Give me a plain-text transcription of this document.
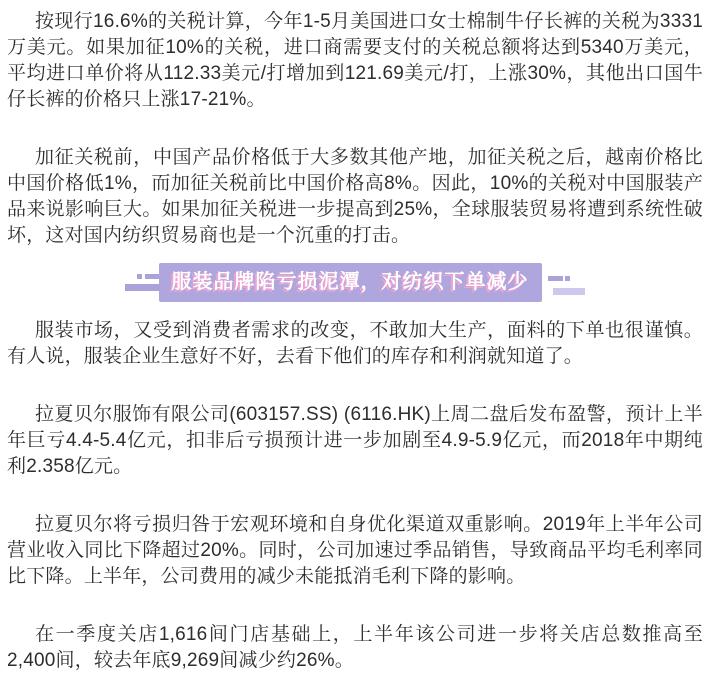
按现行16.6%的关税计算，今年1-5月美国进口女士棉制牛仔长裤的关税为3331万美元。如果加征10%的关税，进口商需要支付的关税总额将达到5340万美元，平均进口单价将从112.33美元/打增加到121.69美元/打，上涨30%，其他出口国牛仔长裤的价格只上涨17-21%。

加征关税前，中国产品价格低于大多数其他产地，加征关税之后，越南价格比中国价格低1%，而加征关税前比中国价格高8%。因此，10%的关税对中国服装产品来说影响巨大。如果加征关税进一步提高到25%，全球服装贸易将遭到系统性破坏，这对国内纺织贸易商也是一个沉重的打击。

服装品牌陷亏损泥潭，对纺织下单减少

服装市场，又受到消费者需求的改变，不敢加大生产，面料的下单也很谨慎。有人说，服装企业生意好不好，去看下他们的库存和利润就知道了。

拉夏贝尔服饰有限公司(603157.SS) (6116.HK)上周二盘后发布盈警，预计上半年巨亏4.4-5.4亿元，扣非后亏损预计进一步加剧至4.9-5.9亿元，而2018年中期纯利2.358亿元。

拉夏贝尔将亏损归咎于宏观环境和自身优化渠道双重影响。2019年上半年公司营业收入同比下降超过20%。同时，公司加速过季品销售，导致商品平均毛利率同比下降。上半年，公司费用的减少未能抵消毛利下降的影响。

在一季度关店1,616间门店基础上，上半年该公司进一步将关店总数推高至2,400间，较去年底9,269间减少约26%。
